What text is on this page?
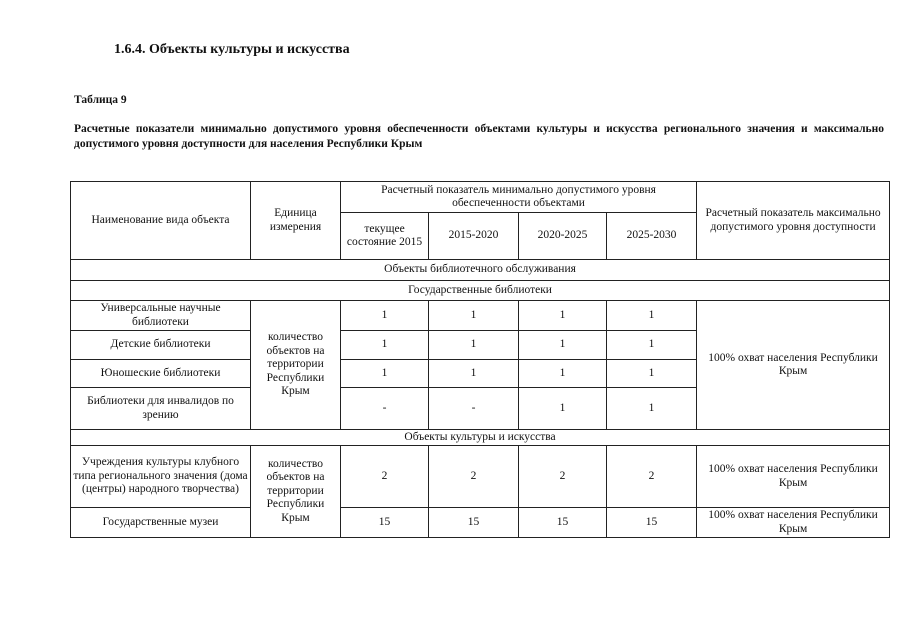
1.6.4. Объекты культуры и искусства
Таблица 9
Расчетные показатели минимально допустимого уровня обеспеченности объектами культуры и искусства регионального значения и максимально допустимого уровня доступности для населения Республики Крым
Наименование вида объекта	Единица измерения	Расчетный показатель минимально допустимого уровня обеспеченности объектами				Расчетный показатель максимально допустимого уровня доступности
		текущее состояние 2015	2015-2020	2020-2025	2025-2030	
Объекты библиотечного обслуживания						
Государственные библиотеки						
Универсальные научные библиотеки	количество объектов на территории Республики Крым	1	1	1	1	100% охват населения Республики Крым
Детские библиотеки		1	1	1	1	
Юношеские библиотеки		1	1	1	1	
Библиотеки для инвалидов по зрению		-	-	1	1	
Объекты культуры и искусства						
Учреждения культуры клубного типа регионального значения (дома (центры) народного творчества)	количество объектов на территории Республики Крым	2	2	2	2	100% охват населения Республики Крым
Государственные музеи		15	15	15	15	100% охват населения Республики Крым
